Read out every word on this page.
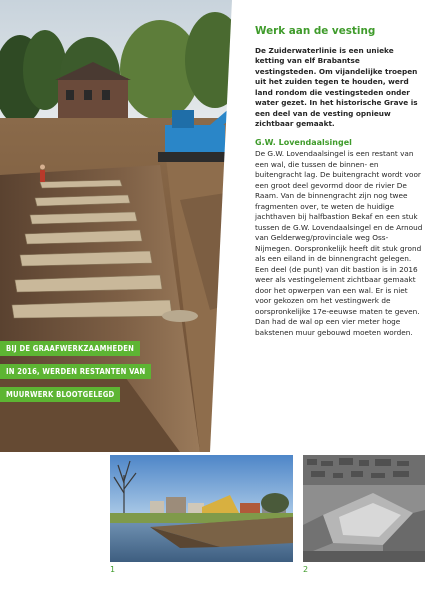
BIJ DE GRAAFWERKZAAMHEDEN
IN 2016, WERDEN RESTANTEN VAN
MUURWERK BLOOTGELEGD
Werk aan de vesting

De Zuiderwaterlinie is een unieke ketting van elf Brabantse vestingsteden. Om vijandelijke troepen uit het zuiden tegen te houden, werd land rondom die vestingsteden onder water gezet. In het historische Grave is een deel van de vesting opnieuw zichtbaar gemaakt.

G.W. Lovendaalsingel

De G.W. Lovendaalsingel is een restant van een wal, die tussen de binnen- en buitengracht lag. De buitengracht wordt voor een groot deel gevormd door de rivier De Raam. Van de binnengracht zijn nog twee fragmenten over, te weten de huidige jachthaven bij halfbastion Bekaf en een stuk tussen de G.W. Lovendaalsingel en de Arnoud van Gelderweg/provinciale weg Oss-Nijmegen. Oorspronkelijk heeft dit stuk grond als een eiland in de binnengracht gelegen. Een deel (de punt) van dit bastion is in 2016 weer als vestingelement zichtbaar gemaakt door het opwerpen van een wal. Er is niet voor gekozen om het vestingwerk de oorspronkelijke 17e-eeuwse maten te geven. Dan had de wal op een vier meter hoge bakstenen muur gebouwd moeten worden.

1	2
